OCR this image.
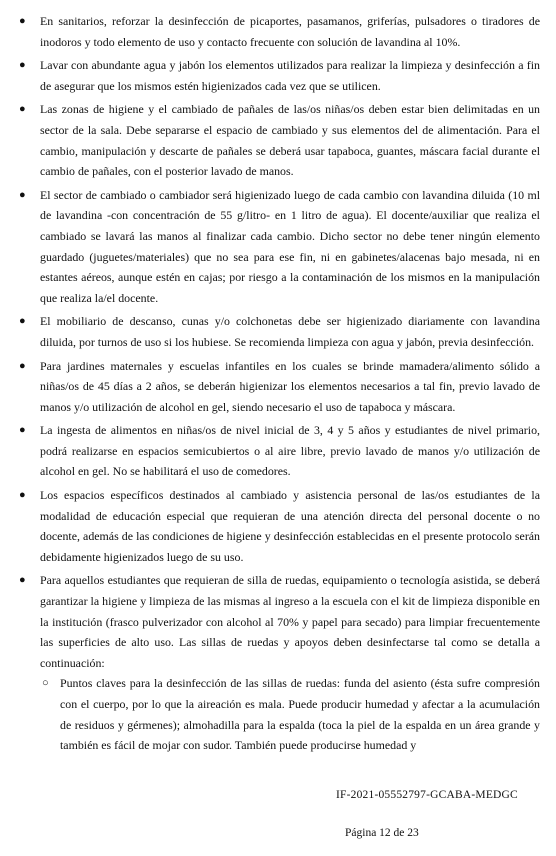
● En sanitarios, reforzar la desinfección de picaportes, pasamanos, griferías, pulsadores o tiradores de inodoros y todo elemento de uso y contacto frecuente con solución de lavandina al 10%.
● Lavar con abundante agua y jabón los elementos utilizados para realizar la limpieza y desinfección a fin de asegurar que los mismos estén higienizados cada vez que se utilicen.
● Las zonas de higiene y el cambiado de pañales de las/os niñas/os deben estar bien delimitadas en un sector de la sala. Debe separarse el espacio de cambiado y sus elementos del de alimentación. Para el cambio, manipulación y descarte de pañales se deberá usar tapaboca, guantes, máscara facial durante el cambio de pañales, con el posterior lavado de manos.
● El sector de cambiado o cambiador será higienizado luego de cada cambio con lavandina diluida (10 ml de lavandina -con concentración de 55 g/litro- en 1 litro de agua). El docente/auxiliar que realiza el cambiado se lavará las manos al finalizar cada cambio. Dicho sector no debe tener ningún elemento guardado (juguetes/materiales) que no sea para ese fin, ni en gabinetes/alacenas bajo mesada, ni en estantes aéreos, aunque estén en cajas; por riesgo a la contaminación de los mismos en la manipulación que realiza la/el docente.
● El mobiliario de descanso, cunas y/o colchonetas debe ser higienizado diariamente con lavandina diluida, por turnos de uso si los hubiese. Se recomienda limpieza con agua y jabón, previa desinfección.
● Para jardines maternales y escuelas infantiles en los cuales se brinde mamadera/alimento sólido a niñas/os de 45 días a 2 años, se deberán higienizar los elementos necesarios a tal fin, previo lavado de manos y/o utilización de alcohol en gel, siendo necesario el uso de tapaboca y máscara.
● La ingesta de alimentos en niñas/os de nivel inicial de 3, 4 y 5 años y estudiantes de nivel primario, podrá realizarse en espacios semicubiertos o al aire libre, previo lavado de manos y/o utilización de alcohol en gel. No se habilitará el uso de comedores.
● Los espacios específicos destinados al cambiado y asistencia personal de las/os estudiantes de la modalidad de educación especial que requieran de una atención directa del personal docente o no docente, además de las condiciones de higiene y desinfección establecidas en el presente protocolo serán debidamente higienizados luego de su uso.
● Para aquellos estudiantes que requieran de silla de ruedas, equipamiento o tecnología asistida, se deberá garantizar la higiene y limpieza de las mismas al ingreso a la escuela con el kit de limpieza disponible en la institución (frasco pulverizador con alcohol al 70% y papel para secado) para limpiar frecuentemente las superficies de alto uso. Las sillas de ruedas y apoyos deben desinfectarse tal como se detalla a continuación:
○ Puntos claves para la desinfección de las sillas de ruedas: funda del asiento (ésta sufre compresión con el cuerpo, por lo que la aireación es mala. Puede producir humedad y afectar a la acumulación de residuos y gérmenes); almohadilla para la espalda (toca la piel de la espalda en un área grande y también es fácil de mojar con sudor. También puede producirse humedad y
IF-2021-05552797-GCABA-MEDGC
Página 12 de 23
